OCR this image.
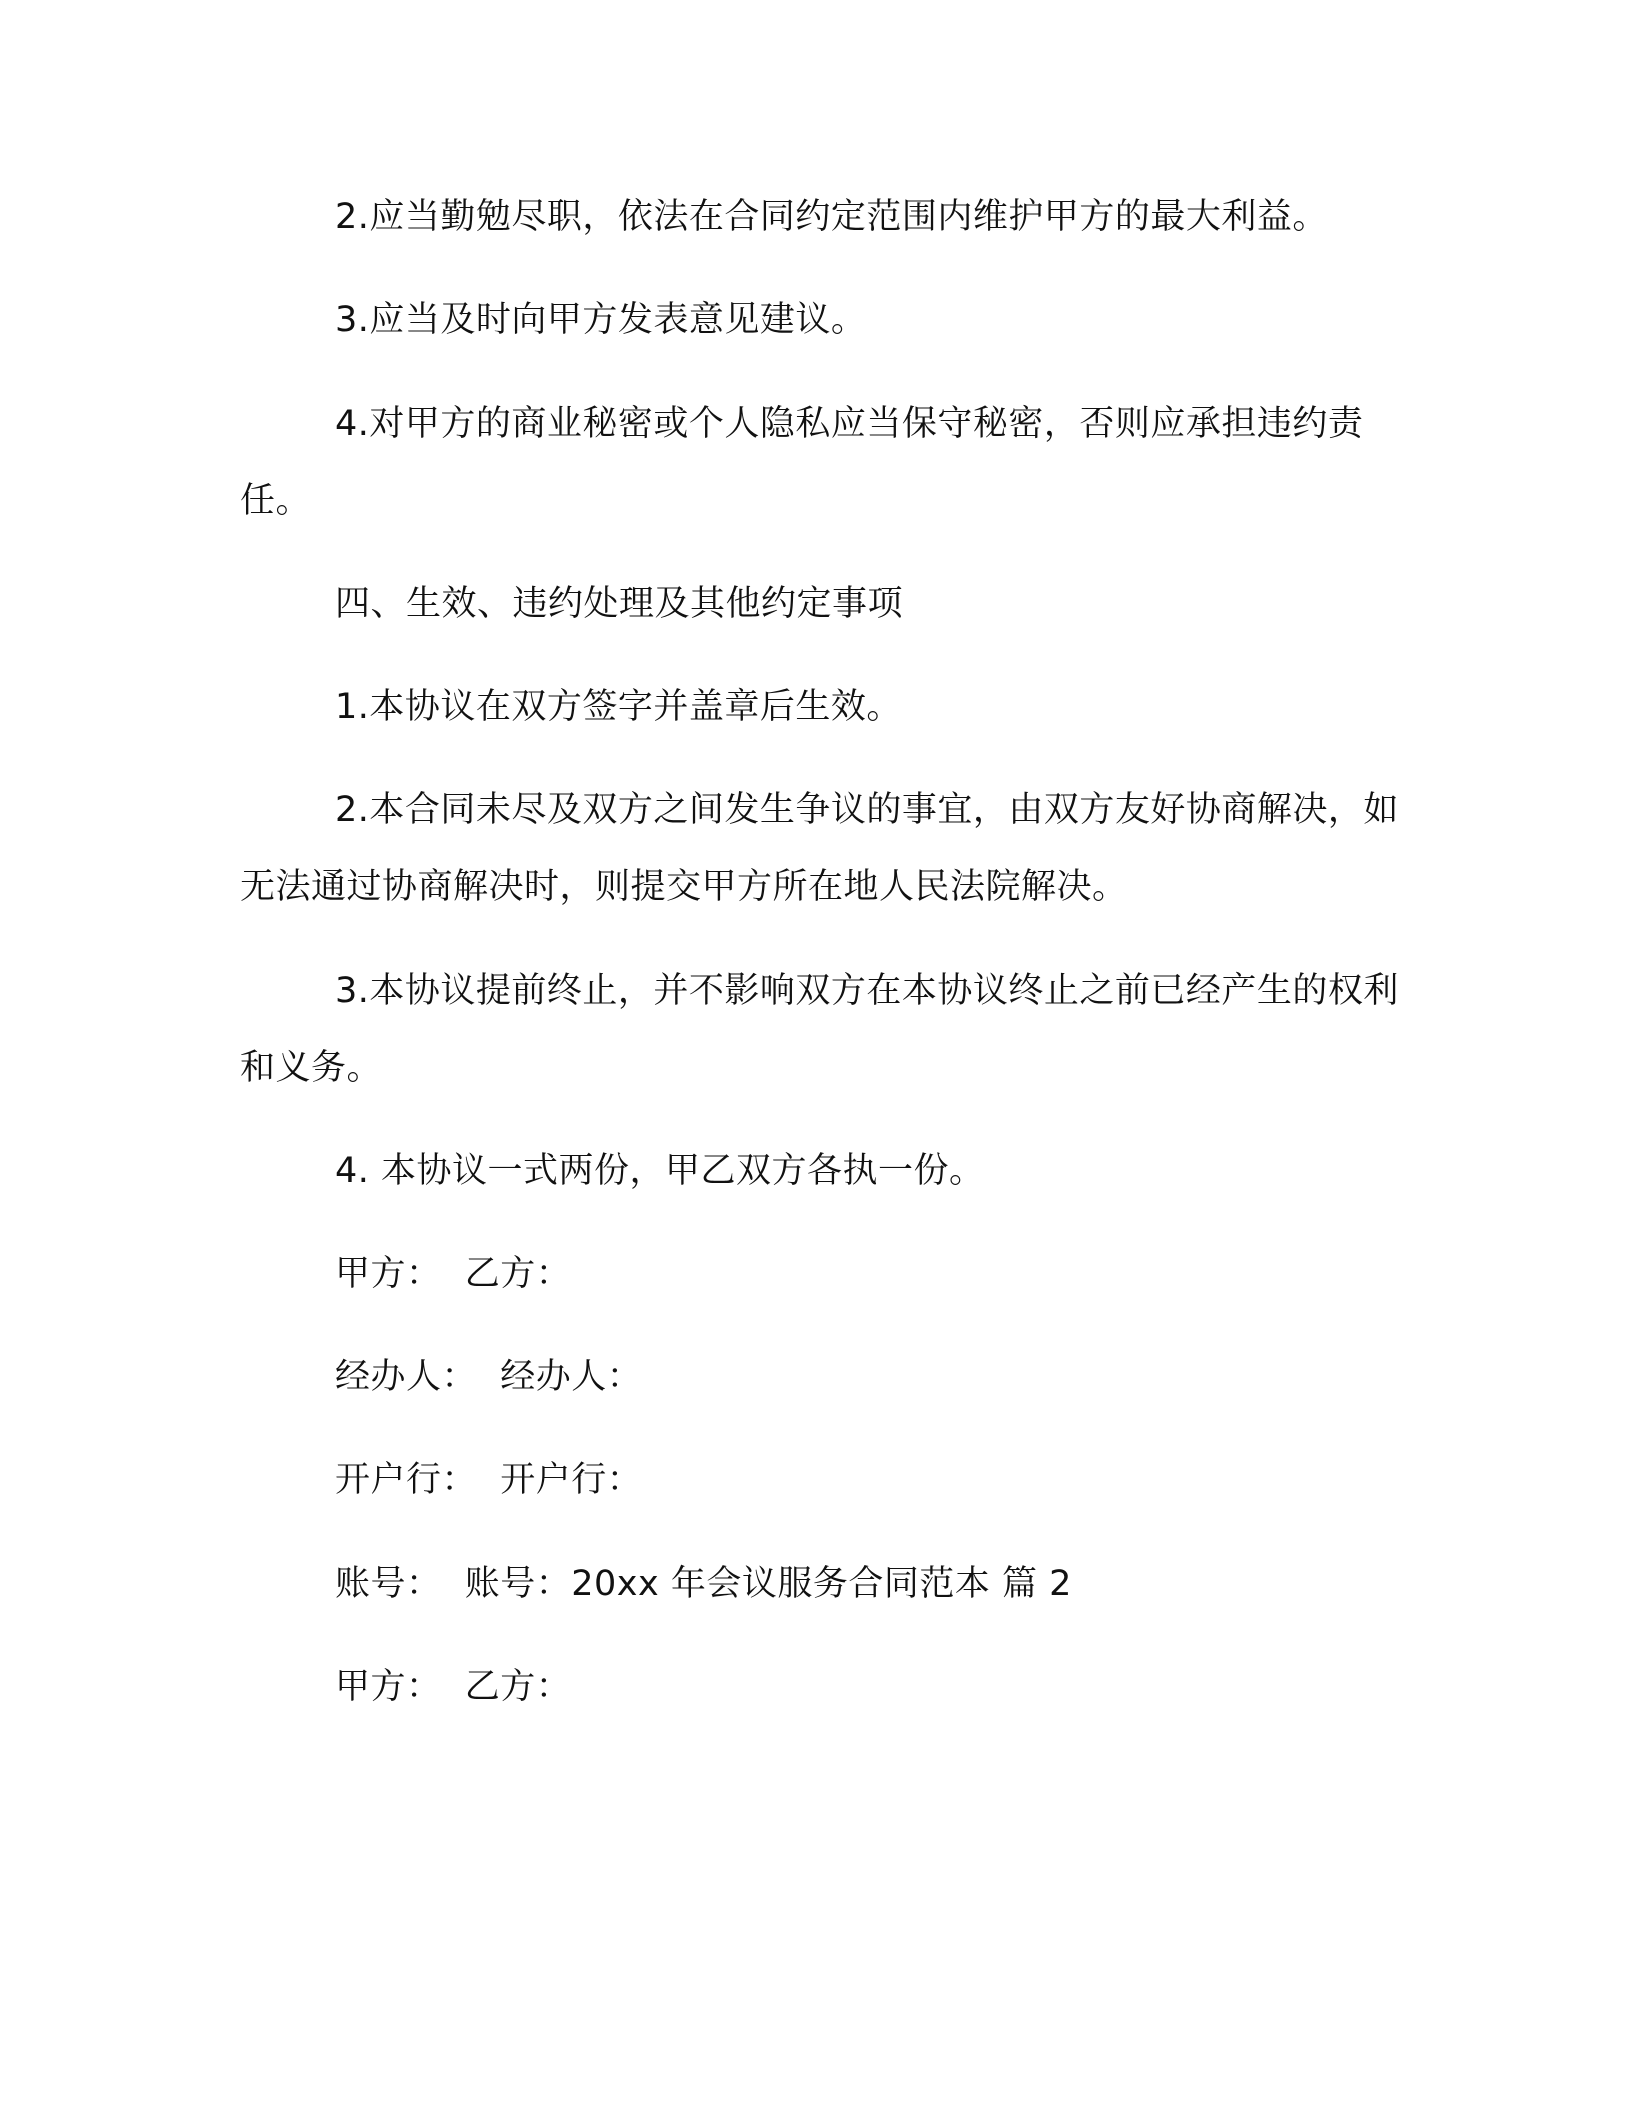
2.应当勤勉尽职，依法在合同约定范围内维护甲方的最大利益。

3.应当及时向甲方发表意见建议。

4.对甲方的商业秘密或个人隐私应当保守秘密，否则应承担违约责任。

四、生效、违约处理及其他约定事项

1.本协议在双方签字并盖章后生效。

2.本合同未尽及双方之间发生争议的事宜，由双方友好协商解决，如无法通过协商解决时，则提交甲方所在地人民法院解决。

3.本协议提前终止，并不影响双方在本协议终止之前已经产生的权利和义务。

4. 本协议一式两份，甲乙双方各执一份。

甲方：  乙方：

经办人：  经办人：

开户行：  开户行：

账号：  账号：20xx 年会议服务合同范本 篇 2

甲方：  乙方：
